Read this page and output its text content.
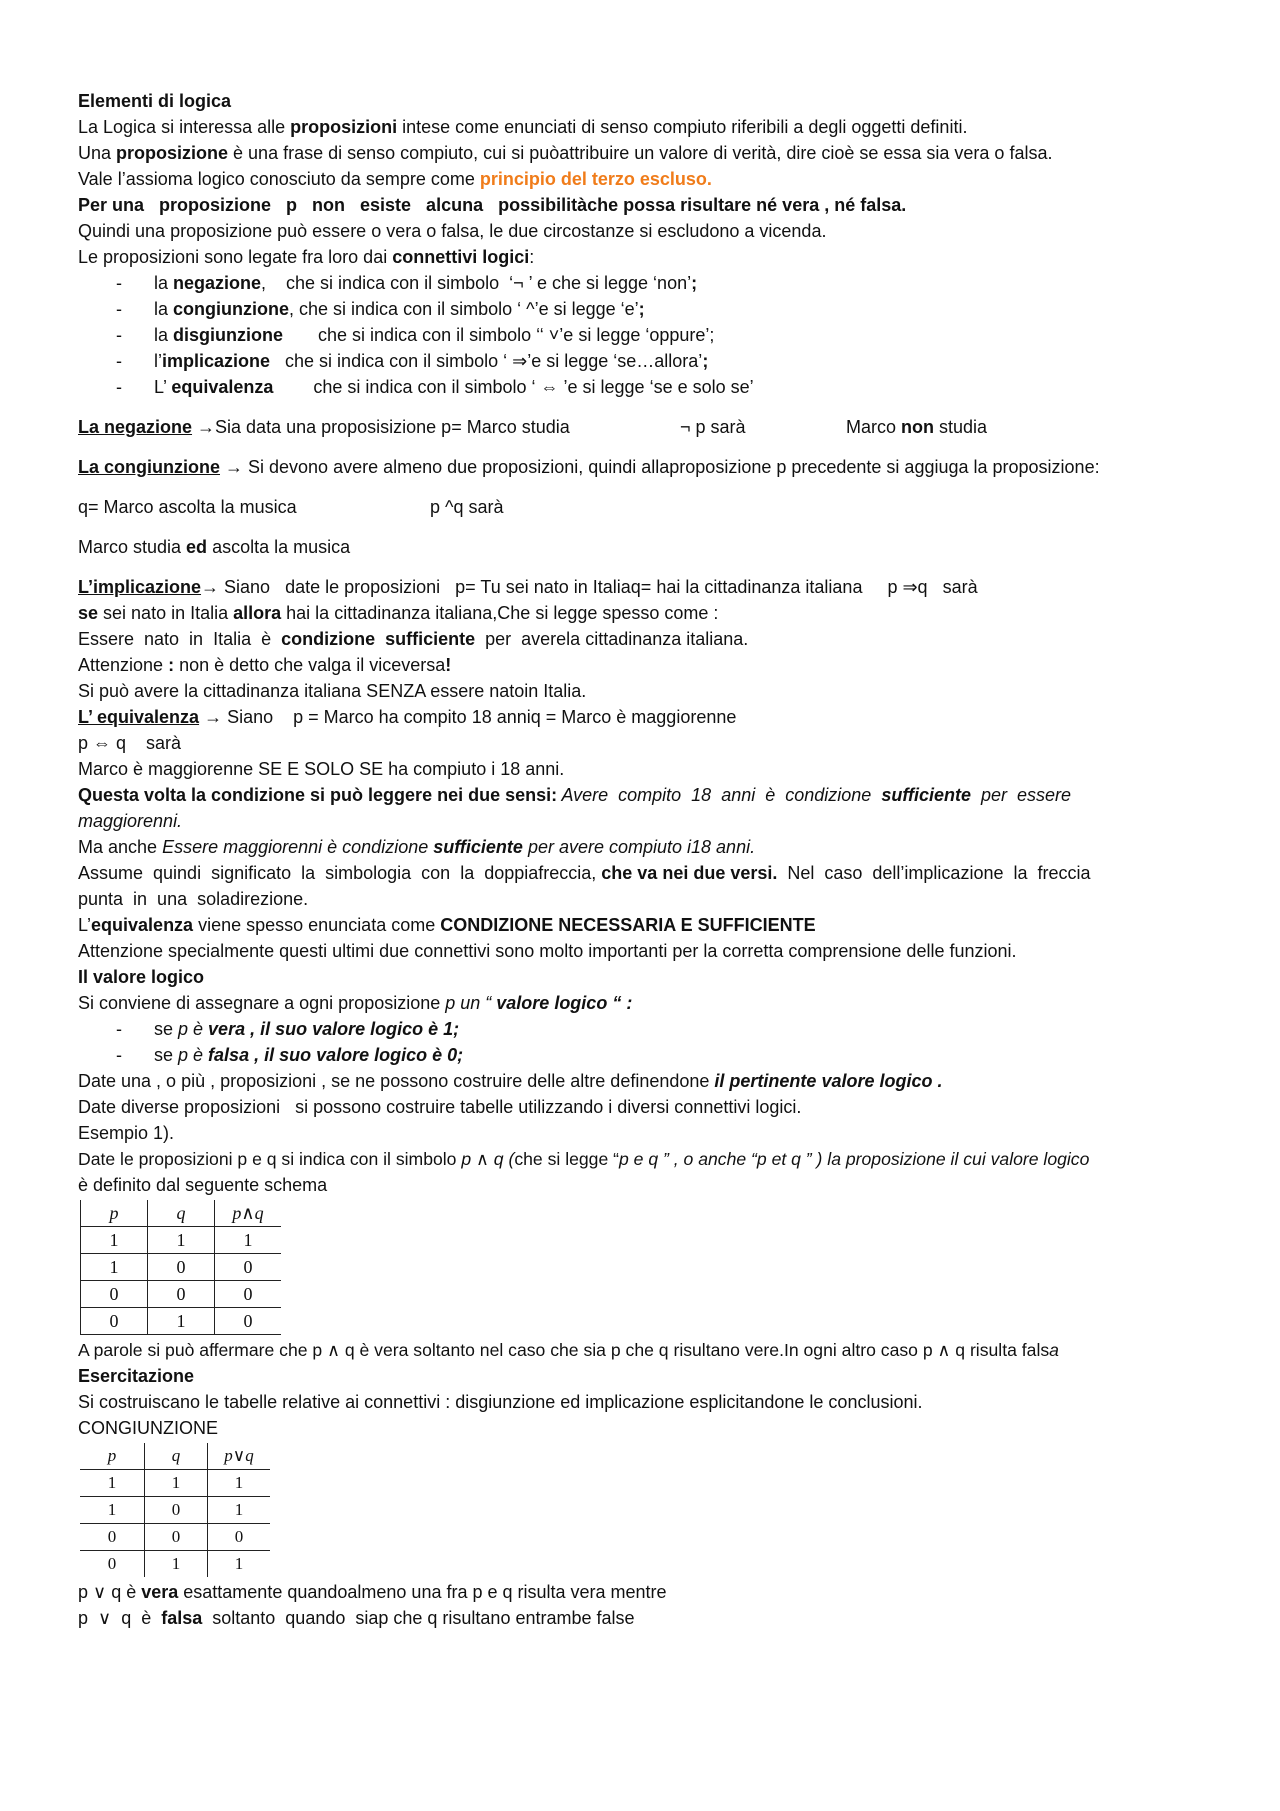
Elementi di logica
La Logica si interessa alle proposizioni intese come enunciati di senso compiuto riferibili a degli oggetti definiti.
Una proposizione è una frase di senso compiuto, cui si puòattribuire un valore di verità, dire cioè se essa sia vera o falsa.
Vale l’assioma logico conosciuto da sempre come principio del terzo escluso.
Per una   proposizione   p   non   esiste   alcuna   possibilitàche possa risultare né vera , né falsa.
Quindi una proposizione può essere o vera o falsa, le due circostanze si escludono a vicenda.
Le proposizioni sono legate fra loro dai connettivi logici:
- la negazione,    che si indica con il simbolo  ‘¬ ’ e che si legge ‘non’;
- la congiunzione, che si indica con il simbolo ‘ ^’e si legge ‘e’;
- la disgiunzione       che si indica con il simbolo ‘‘ ˅’e si legge ‘oppure’;
- l’implicazione   che si indica con il simbolo ‘ ⇒’e si legge ‘se…allora’;
- L’ equivalenza        che si indica con il simbolo ‘ ⇔ ’e si legge ‘se e solo se’
La negazione →Sia data una proposisizione p= Marco studia	¬ p sarà	Marco non studia
La congiunzione → Si devono avere almeno due proposizioni, quindi allaproposizione p precedente si aggiuga la proposizione:
q= Marco ascolta la musica	p ^q sarà
Marco studia ed ascolta la musica
L’implicazione→ Siano   date le proposizioni   p= Tu sei nato in Italiaq= hai la cittadinanza italiana     p ⇒q   sarà
se sei nato in Italia allora hai la cittadinanza italiana,Che si legge spesso come :
Essere  nato  in  Italia  è  condizione  sufficiente  per  averela cittadinanza italiana.
Attenzione : non è detto che valga il viceversa!
Si può avere la cittadinanza italiana SENZA essere natoin Italia.
L’ equivalenza → Siano    p = Marco ha compito 18 anniq = Marco è maggiorenne
p ⇔ q    sarà
Marco è maggiorenne SE E SOLO SE ha compiuto i 18 anni.
Questa volta la condizione si può leggere nei due sensi: Avere  compito  18  anni  è  condizione  sufficiente  per  essere
maggiorenni.
Ma anche Essere maggiorenni è condizione sufficiente per avere compiuto i18 anni.
Assume  quindi  significato  la  simbologia  con  la  doppiafreccia, che va nei due versi.  Nel  caso  dell’implicazione  la  freccia
punta  in  una  soladirezione.
L’equivalenza viene spesso enunciata come CONDIZIONE NECESSARIA E SUFFICIENTE
Attenzione specialmente questi ultimi due connettivi sono molto importanti per la corretta comprensione delle funzioni.
Il valore logico
Si conviene di assegnare a ogni proposizione p un “ valore logico “ :
- se p è vera , il suo valore logico è 1;
- se p è falsa , il suo valore logico è 0;
Date una , o più , proposizioni , se ne possono costruire delle altre definendone il pertinente valore logico .
Date diverse proposizioni   si possono costruire tabelle utilizzando i diversi connettivi logici.
Esempio 1).
Date le proposizioni p e q si indica con il simbolo p ∧ q (che si legge “p e q ” , o anche “p et q ” ) la proposizione il cui valore logico
è definito dal seguente schema
p	q	p∧q
1	1	1
1	0	0
0	0	0
0	1	0
A parole si può affermare che p ∧ q è vera soltanto nel caso che sia p che q risultano vere.In ogni altro caso p ∧ q risulta falsa
Esercitazione
Si costruiscano le tabelle relative ai connettivi : disgiunzione ed implicazione esplicitandone le conclusioni.
CONGIUNZIONE
p	q	p∨q
1	1	1
1	0	1
0	0	0
0	1	1
p ∨ q è vera esattamente quandoalmeno una fra p e q risulta vera mentre
p  ∨  q  è  falsa  soltanto  quando  siap che q risultano entrambe false
